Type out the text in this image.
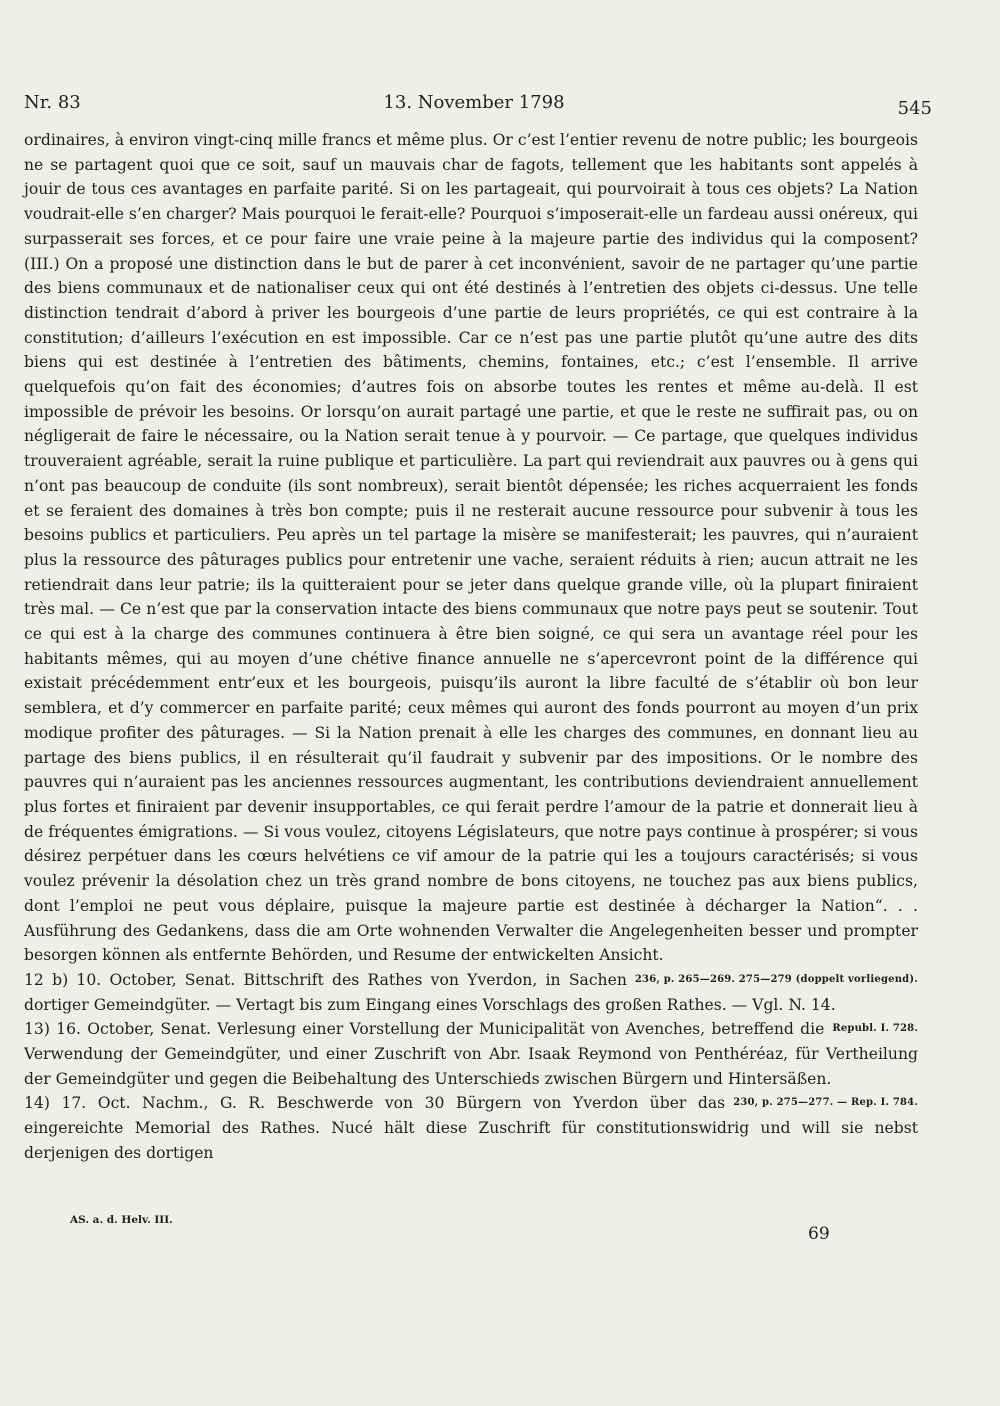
Nr. 83	13. November 1798	545

ordinaires, à environ vingt-cinq mille francs et même plus. Or c’est l’entier revenu de notre public; les bourgeois ne se partagent quoi que ce soit, sauf un mauvais char de fagots, tellement que les habitants sont appelés à jouir de tous ces avantages en parfaite parité. Si on les partageait, qui pourvoirait à tous ces objets? La Nation voudrait-elle s’en charger? Mais pourquoi le ferait-elle? Pourquoi s’imposerait-elle un fardeau aussi onéreux, qui surpasserait ses forces, et ce pour faire une vraie peine à la majeure partie des individus qui la composent? (III.) On a proposé une distinction dans le but de parer à cet inconvénient, savoir de ne partager qu’une partie des biens communaux et de nationaliser ceux qui ont été destinés à l’entretien des objets ci-dessus. Une telle distinction tendrait d’abord à priver les bourgeois d’une partie de leurs propriétés, ce qui est contraire à la constitution; d’ailleurs l’exécution en est impossible. Car ce n’est pas une partie plutôt qu’une autre des dits biens qui est destinée à l’entretien des bâtiments, chemins, fontaines, etc.; c’est l’ensemble. Il arrive quelquefois qu’on fait des économies; d’autres fois on absorbe toutes les rentes et même au-delà. Il est impossible de prévoir les besoins. Or lorsqu’on aurait partagé une partie, et que le reste ne suffirait pas, ou on négligerait de faire le nécessaire, ou la Nation serait tenue à y pourvoir. — Ce partage, que quelques individus trouveraient agréable, serait la ruine publique et particulière. La part qui reviendrait aux pauvres ou à gens qui n’ont pas beaucoup de conduite (ils sont nombreux), serait bientôt dépensée; les riches acquerraient les fonds et se feraient des domaines à très bon compte; puis il ne resterait aucune ressource pour subvenir à tous les besoins publics et particuliers. Peu après un tel partage la misère se manifesterait; les pauvres, qui n’auraient plus la ressource des pâturages publics pour entretenir une vache, seraient réduits à rien; aucun attrait ne les retiendrait dans leur patrie; ils la quitteraient pour se jeter dans quelque grande ville, où la plupart finiraient très mal. — Ce n’est que par la conservation intacte des biens communaux que notre pays peut se soutenir. Tout ce qui est à la charge des communes continuera à être bien soigné, ce qui sera un avantage réel pour les habitants mêmes, qui au moyen d’une chétive finance annuelle ne s’apercevront point de la différence qui existait précédemment entr’eux et les bourgeois, puisqu’ils auront la libre faculté de s’établir où bon leur semblera, et d’y commercer en parfaite parité; ceux mêmes qui auront des fonds pourront au moyen d’un prix modique profiter des pâturages. — Si la Nation prenait à elle les charges des communes, en donnant lieu au partage des biens publics, il en résulterait qu’il faudrait y subvenir par des impositions. Or le nombre des pauvres qui n’auraient pas les anciennes ressources augmentant, les contributions deviendraient annuellement plus fortes et finiraient par devenir insupportables, ce qui ferait perdre l’amour de la patrie et donnerait lieu à de fréquentes émigrations. — Si vous voulez, citoyens Législateurs, que notre pays continue à prospérer; si vous désirez perpétuer dans les cœurs helvétiens ce vif amour de la patrie qui les a toujours caractérisés; si vous voulez prévenir la désolation chez un très grand nombre de bons citoyens, ne touchez pas aux biens publics, dont l’emploi ne peut vous déplaire, puisque la majeure partie est destinée à décharger la Nation“. . . Ausführung des Gedankens, dass die am Orte wohnenden Verwalter die Angelegenheiten besser und prompter besorgen können als entfernte Behörden, und Resume der entwickelten Ansicht.
236, p. 265—269. 275—279 (doppelt vorliegend).

12 b) 10. October, Senat. Bittschrift des Rathes von Yverdon, in Sachen dortiger Gemeindgüter. — Vertagt bis zum Eingang eines Vorschlags des großen Rathes. — Vgl. N. 14.
Republ. I. 728.

13) 16. October, Senat. Verlesung einer Vorstellung der Municipalität von Avenches, betreffend die Verwendung der Gemeindgüter, und einer Zuschrift von Abr. Isaak Reymond von Penthéréaz, für Vertheilung der Gemeindgüter und gegen die Beibehaltung des Unterschieds zwischen Bürgern und Hintersäßen.
230, p. 275—277. — Rep. I. 784.

14) 17. Oct. Nachm., G. R. Beschwerde von 30 Bürgern von Yverdon über das eingereichte Memorial des Rathes. Nucé hält diese Zuschrift für constitutionswidrig und will sie nebst derjenigen des dortigen

AS. a. d. Helv. III.
69
